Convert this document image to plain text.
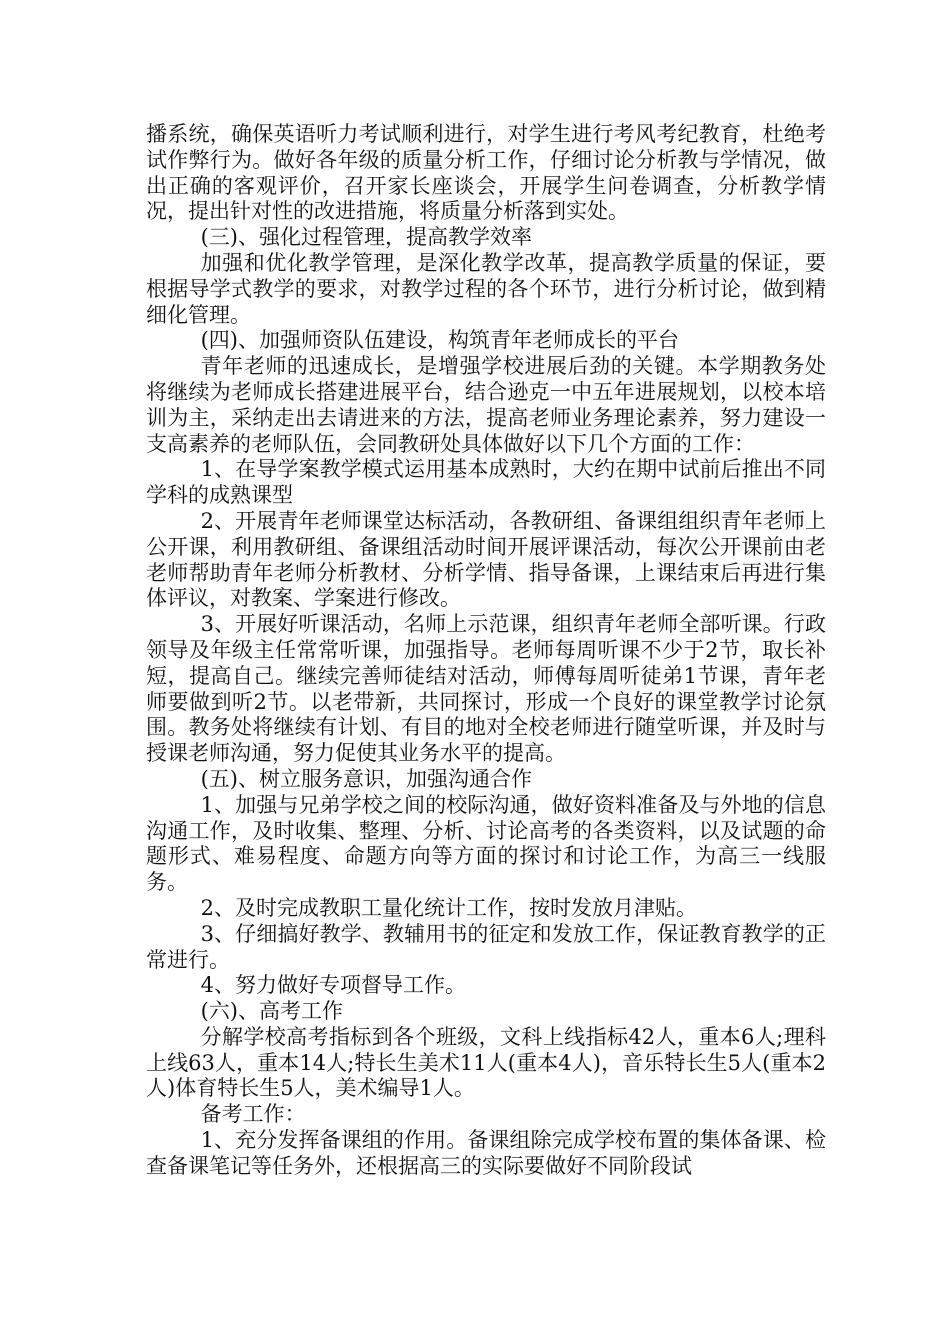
播系统，确保英语听力考试顺利进行，对学生进行考风考纪教育，杜绝考试作弊行为。做好各年级的质量分析工作，仔细讨论分析教与学情况，做出正确的客观评价，召开家长座谈会，开展学生问卷调查，分析教学情况，提出针对性的改进措施，将质量分析落到实处。

(三)、强化过程管理，提高教学效率

加强和优化教学管理，是深化教学改革，提高教学质量的保证，要根据导学式教学的要求，对教学过程的各个环节，进行分析讨论，做到精细化管理。

(四)、加强师资队伍建设，构筑青年老师成长的平台

青年老师的迅速成长，是增强学校进展后劲的关键。本学期教务处将继续为老师成长搭建进展平台，结合逊克一中五年进展规划，以校本培训为主，采纳走出去请进来的方法，提高老师业务理论素养，努力建设一支高素养的老师队伍，会同教研处具体做好以下几个方面的工作：

1、在导学案教学模式运用基本成熟时，大约在期中试前后推出不同学科的成熟课型

2、开展青年老师课堂达标活动，各教研组、备课组组织青年老师上公开课，利用教研组、备课组活动时间开展评课活动，每次公开课前由老老师帮助青年老师分析教材、分析学情、指导备课，上课结束后再进行集体评议，对教案、学案进行修改。

3、开展好听课活动，名师上示范课，组织青年老师全部听课。行政领导及年级主任常常听课，加强指导。老师每周听课不少于2节，取长补短，提高自己。继续完善师徒结对活动，师傅每周听徒弟1节课，青年老师要做到听2节。以老带新，共同探讨，形成一个良好的课堂教学讨论氛围。教务处将继续有计划、有目的地对全校老师进行随堂听课，并及时与授课老师沟通，努力促使其业务水平的提高。

(五)、树立服务意识，加强沟通合作

1、加强与兄弟学校之间的校际沟通，做好资料准备及与外地的信息沟通工作，及时收集、整理、分析、讨论高考的各类资料，以及试题的命题形式、难易程度、命题方向等方面的探讨和讨论工作，为高三一线服务。

2、及时完成教职工量化统计工作，按时发放月津贴。

3、仔细搞好教学、教辅用书的征定和发放工作，保证教育教学的正常进行。

4、努力做好专项督导工作。

(六)、高考工作

分解学校高考指标到各个班级，文科上线指标42人，重本6人;理科上线63人，重本14人;特长生美术11人(重本4人)，音乐特长生5人(重本2人)体育特长生5人，美术编导1人。

备考工作：

1、充分发挥备课组的作用。备课组除完成学校布置的集体备课、检查备课笔记等任务外，还根据高三的实际要做好不同阶段试
